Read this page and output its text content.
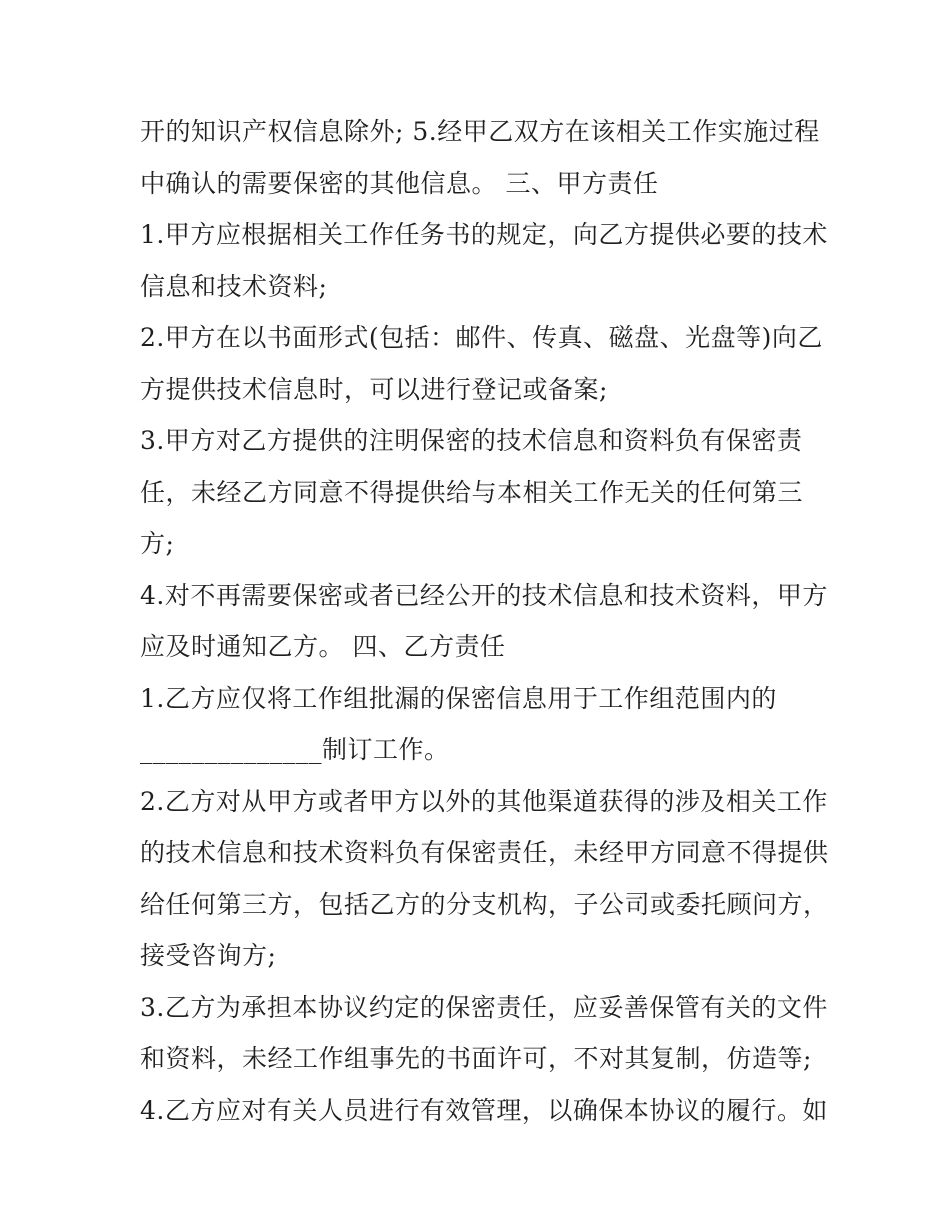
开的知识产权信息除外; 5.经甲乙双方在该相关工作实施过程
中确认的需要保密的其他信息。 三、甲方责任
1.甲方应根据相关工作任务书的规定，向乙方提供必要的技术
信息和技术资料;
2.甲方在以书面形式(包括：邮件、传真、磁盘、光盘等)向乙
方提供技术信息时，可以进行登记或备案;
3.甲方对乙方提供的注明保密的技术信息和资料负有保密责
任，未经乙方同意不得提供给与本相关工作无关的任何第三
方;
4.对不再需要保密或者已经公开的技术信息和技术资料，甲方
应及时通知乙方。 四、乙方责任
1.乙方应仅将工作组批漏的保密信息用于工作组范围内的
______________制订工作。
2.乙方对从甲方或者甲方以外的其他渠道获得的涉及相关工作
的技术信息和技术资料负有保密责任，未经甲方同意不得提供
给任何第三方，包括乙方的分支机构，子公司或委托顾问方，
接受咨询方;
3.乙方为承担本协议约定的保密责任，应妥善保管有关的文件
和资料，未经工作组事先的书面许可，不对其复制，仿造等;
4.乙方应对有关人员进行有效管理，以确保本协议的履行。如
